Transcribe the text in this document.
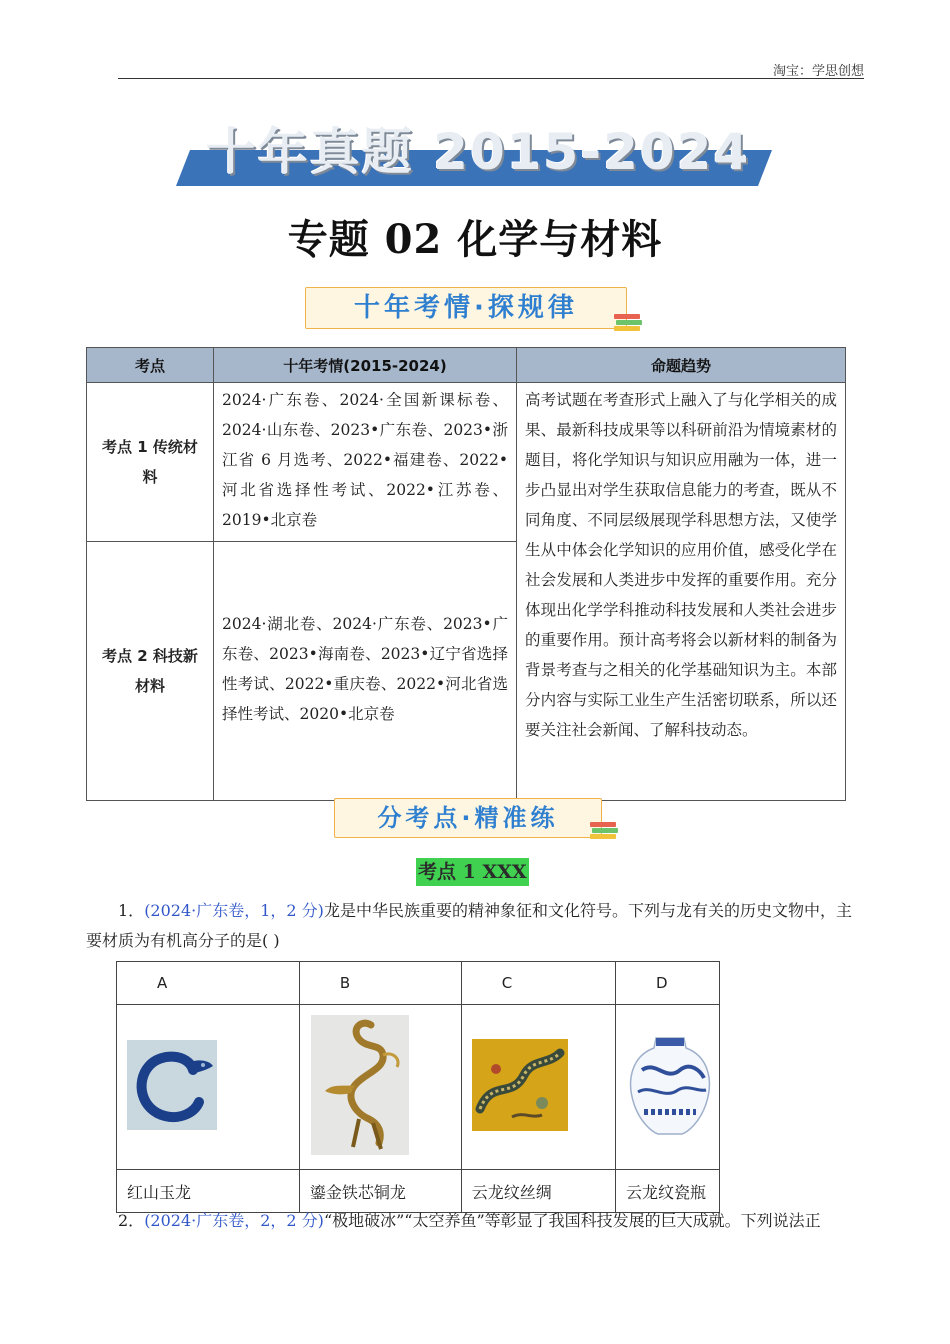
淘宝：学思创想
十年真题 2015-2024
专题 02 化学与材料
十年考情·探规律
考点	十年考情(2015-2024)	命题趋势
考点 1 传统材料	2024·广东卷、2024·全国新课标卷、2024·山东卷、2023•广东卷、2023•浙江省 6 月选考、2022•福建卷、2022•河北省选择性考试、2022•江苏卷、2019•北京卷	高考试题在考查形式上融入了与化学相关的成果、最新科技成果等以科研前沿为情境素材的题目，将化学知识与知识应用融为一体，进一步凸显出对学生获取信息能力的考查，既从不同角度、不同层级展现学科思想方法，又使学生从中体会化学知识的应用价值，感受化学在社会发展和人类进步中发挥的重要作用。充分体现出化学学科推动科技发展和人类社会进步的重要作用。预计高考将会以新材料的制备为背景考查与之相关的化学基础知识为主。本部分内容与实际工业生产生活密切联系，所以还要关注社会新闻、了解科技动态。
考点 2 科技新材料	2024·湖北卷、2024·广东卷、2023•广东卷、2023•海南卷、2023•辽宁省选择性考试、2022•重庆卷、2022•河北省选择性考试、2020•北京卷	
分考点·精准练
考点 1 XXX
1．(2024·广东卷，1，2 分)龙是中华民族重要的精神象征和文化符号。下列与龙有关的历史文物中，主要材质为有机高分子的是( )
A	B	C	D

红山玉龙	鎏金铁芯铜龙	云龙纹丝绸	云龙纹瓷瓶
2．(2024·广东卷，2，2 分)“极地破冰”“太空养鱼”等彰显了我国科技发展的巨大成就。下列说法正
